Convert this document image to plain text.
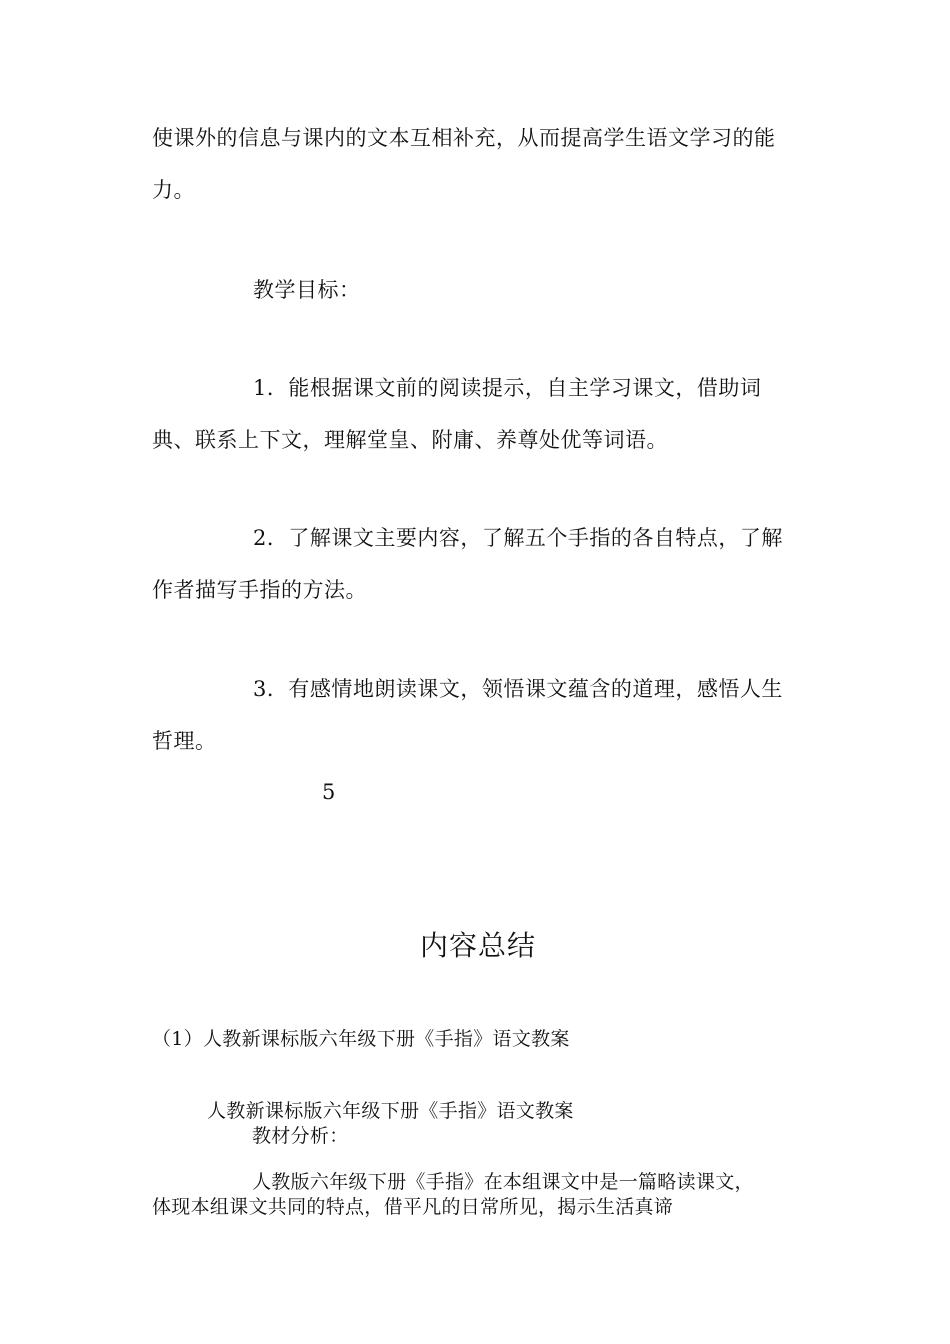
使课外的信息与课内的文本互相补充，从而提高学生语文学习的能
力。
教学目标：
1．能根据课文前的阅读提示，自主学习课文，借助词
典、联系上下文，理解堂皇、附庸、养尊处优等词语。
2．了解课文主要内容，了解五个手指的各自特点，了解
作者描写手指的方法。
3．有感情地朗读课文，领悟课文蕴含的道理，感悟人生
哲理。
5
内容总结
（1）人教新课标版六年级下册《手指》语文教案
人教新课标版六年级下册《手指》语文教案
教材分析：
人教版六年级下册《手指》在本组课文中是一篇略读课文，
体现本组课文共同的特点，借平凡的日常所见，揭示生活真谛
